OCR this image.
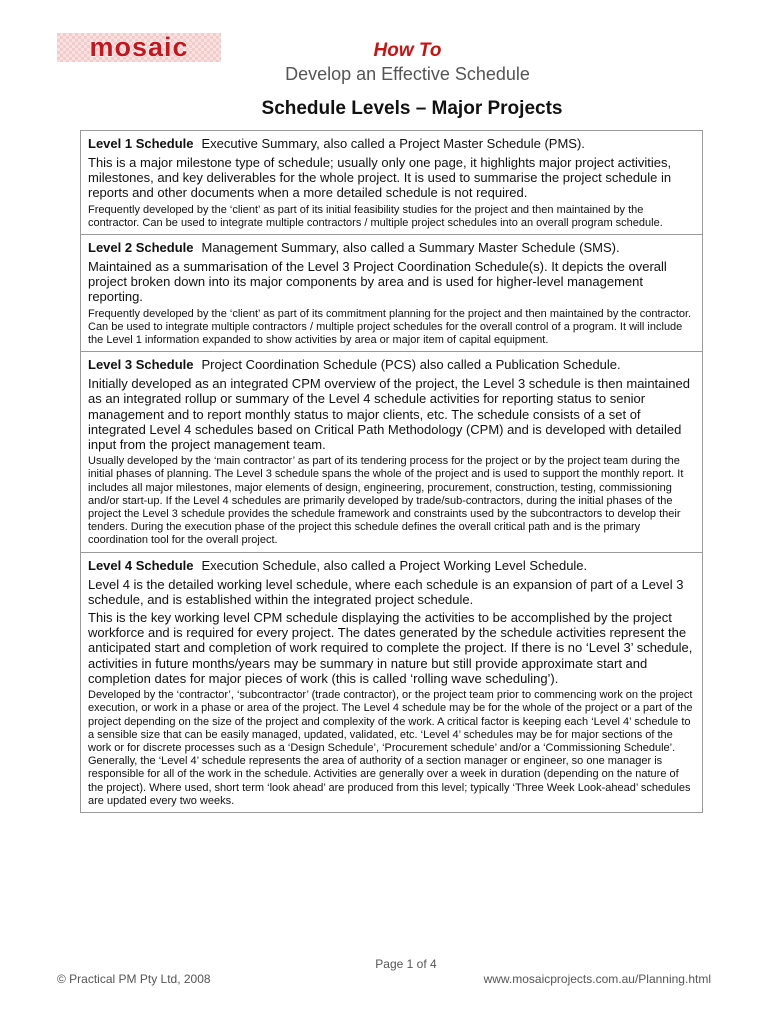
mosaic	How To
Develop an Effective Schedule
Schedule Levels – Major Projects
Level 1 Schedule Executive Summary, also called a Project Master Schedule (PMS).

This is a major milestone type of schedule; usually only one page, it highlights major project activities, milestones, and key deliverables for the whole project. It is used to summarise the project schedule in reports and other documents when a more detailed schedule is not required.

Frequently developed by the ‘client’ as part of its initial feasibility studies for the project and then maintained by the contractor. Can be used to integrate multiple contractors / multiple project schedules into an overall program schedule.

Level 2 Schedule Management Summary, also called a Summary Master Schedule (SMS).

Maintained as a summarisation of the Level 3 Project Coordination Schedule(s). It depicts the overall project broken down into its major components by area and is used for higher-level management reporting.

Frequently developed by the ‘client’ as part of its commitment planning for the project and then maintained by the contractor. Can be used to integrate multiple contractors / multiple project schedules for the overall control of a program. It will include the Level 1 information expanded to show activities by area or major item of capital equipment.

Level 3 Schedule Project Coordination Schedule (PCS) also called a Publication Schedule.

Initially developed as an integrated CPM overview of the project, the Level 3 schedule is then maintained as an integrated rollup or summary of the Level 4 schedule activities for reporting status to senior management and to report monthly status to major clients, etc. The schedule consists of a set of integrated Level 4 schedules based on Critical Path Methodology (CPM) and is developed with detailed input from the project management team.

Usually developed by the ‘main contractor’ as part of its tendering process for the project or by the project team during the initial phases of planning. The Level 3 schedule spans the whole of the project and is used to support the monthly report. It includes all major milestones, major elements of design, engineering, procurement, construction, testing, commissioning and/or start-up. If the Level 4 schedules are primarily developed by trade/sub-contractors, during the initial phases of the project the Level 3 schedule provides the schedule framework and constraints used by the subcontractors to develop their tenders. During the execution phase of the project this schedule defines the overall critical path and is the primary coordination tool for the overall project.

Level 4 Schedule Execution Schedule, also called a Project Working Level Schedule.

Level 4 is the detailed working level schedule, where each schedule is an expansion of part of a Level 3 schedule, and is established within the integrated project schedule.

This is the key working level CPM schedule displaying the activities to be accomplished by the project workforce and is required for every project. The dates generated by the schedule activities represent the anticipated start and completion of work required to complete the project. If there is no ‘Level 3’ schedule, activities in future months/years may be summary in nature but still provide approximate start and completion dates for major pieces of work (this is called ‘rolling wave scheduling’).

Developed by the ‘contractor’, ‘subcontractor’ (trade contractor), or the project team prior to commencing work on the project execution, or work in a phase or area of the project. The Level 4 schedule may be for the whole of the project or a part of the project depending on the size of the project and complexity of the work. A critical factor is keeping each ‘Level 4’ schedule to a sensible size that can be easily managed, updated, validated, etc. ‘Level 4’ schedules may be for major sections of the work or for discrete processes such as a ‘Design Schedule’, ‘Procurement schedule’ and/or a ‘Commissioning Schedule’. Generally, the ‘Level 4’ schedule represents the area of authority of a section manager or engineer, so one manager is responsible for all of the work in the schedule. Activities are generally over a week in duration (depending on the nature of the project). Where used, short term ‘look ahead’ are produced from this level; typically ‘Three Week Look-ahead’ schedules are updated every two weeks.

Page 1 of 4
© Practical PM Pty Ltd, 2008	www.mosaicprojects.com.au/Planning.html
